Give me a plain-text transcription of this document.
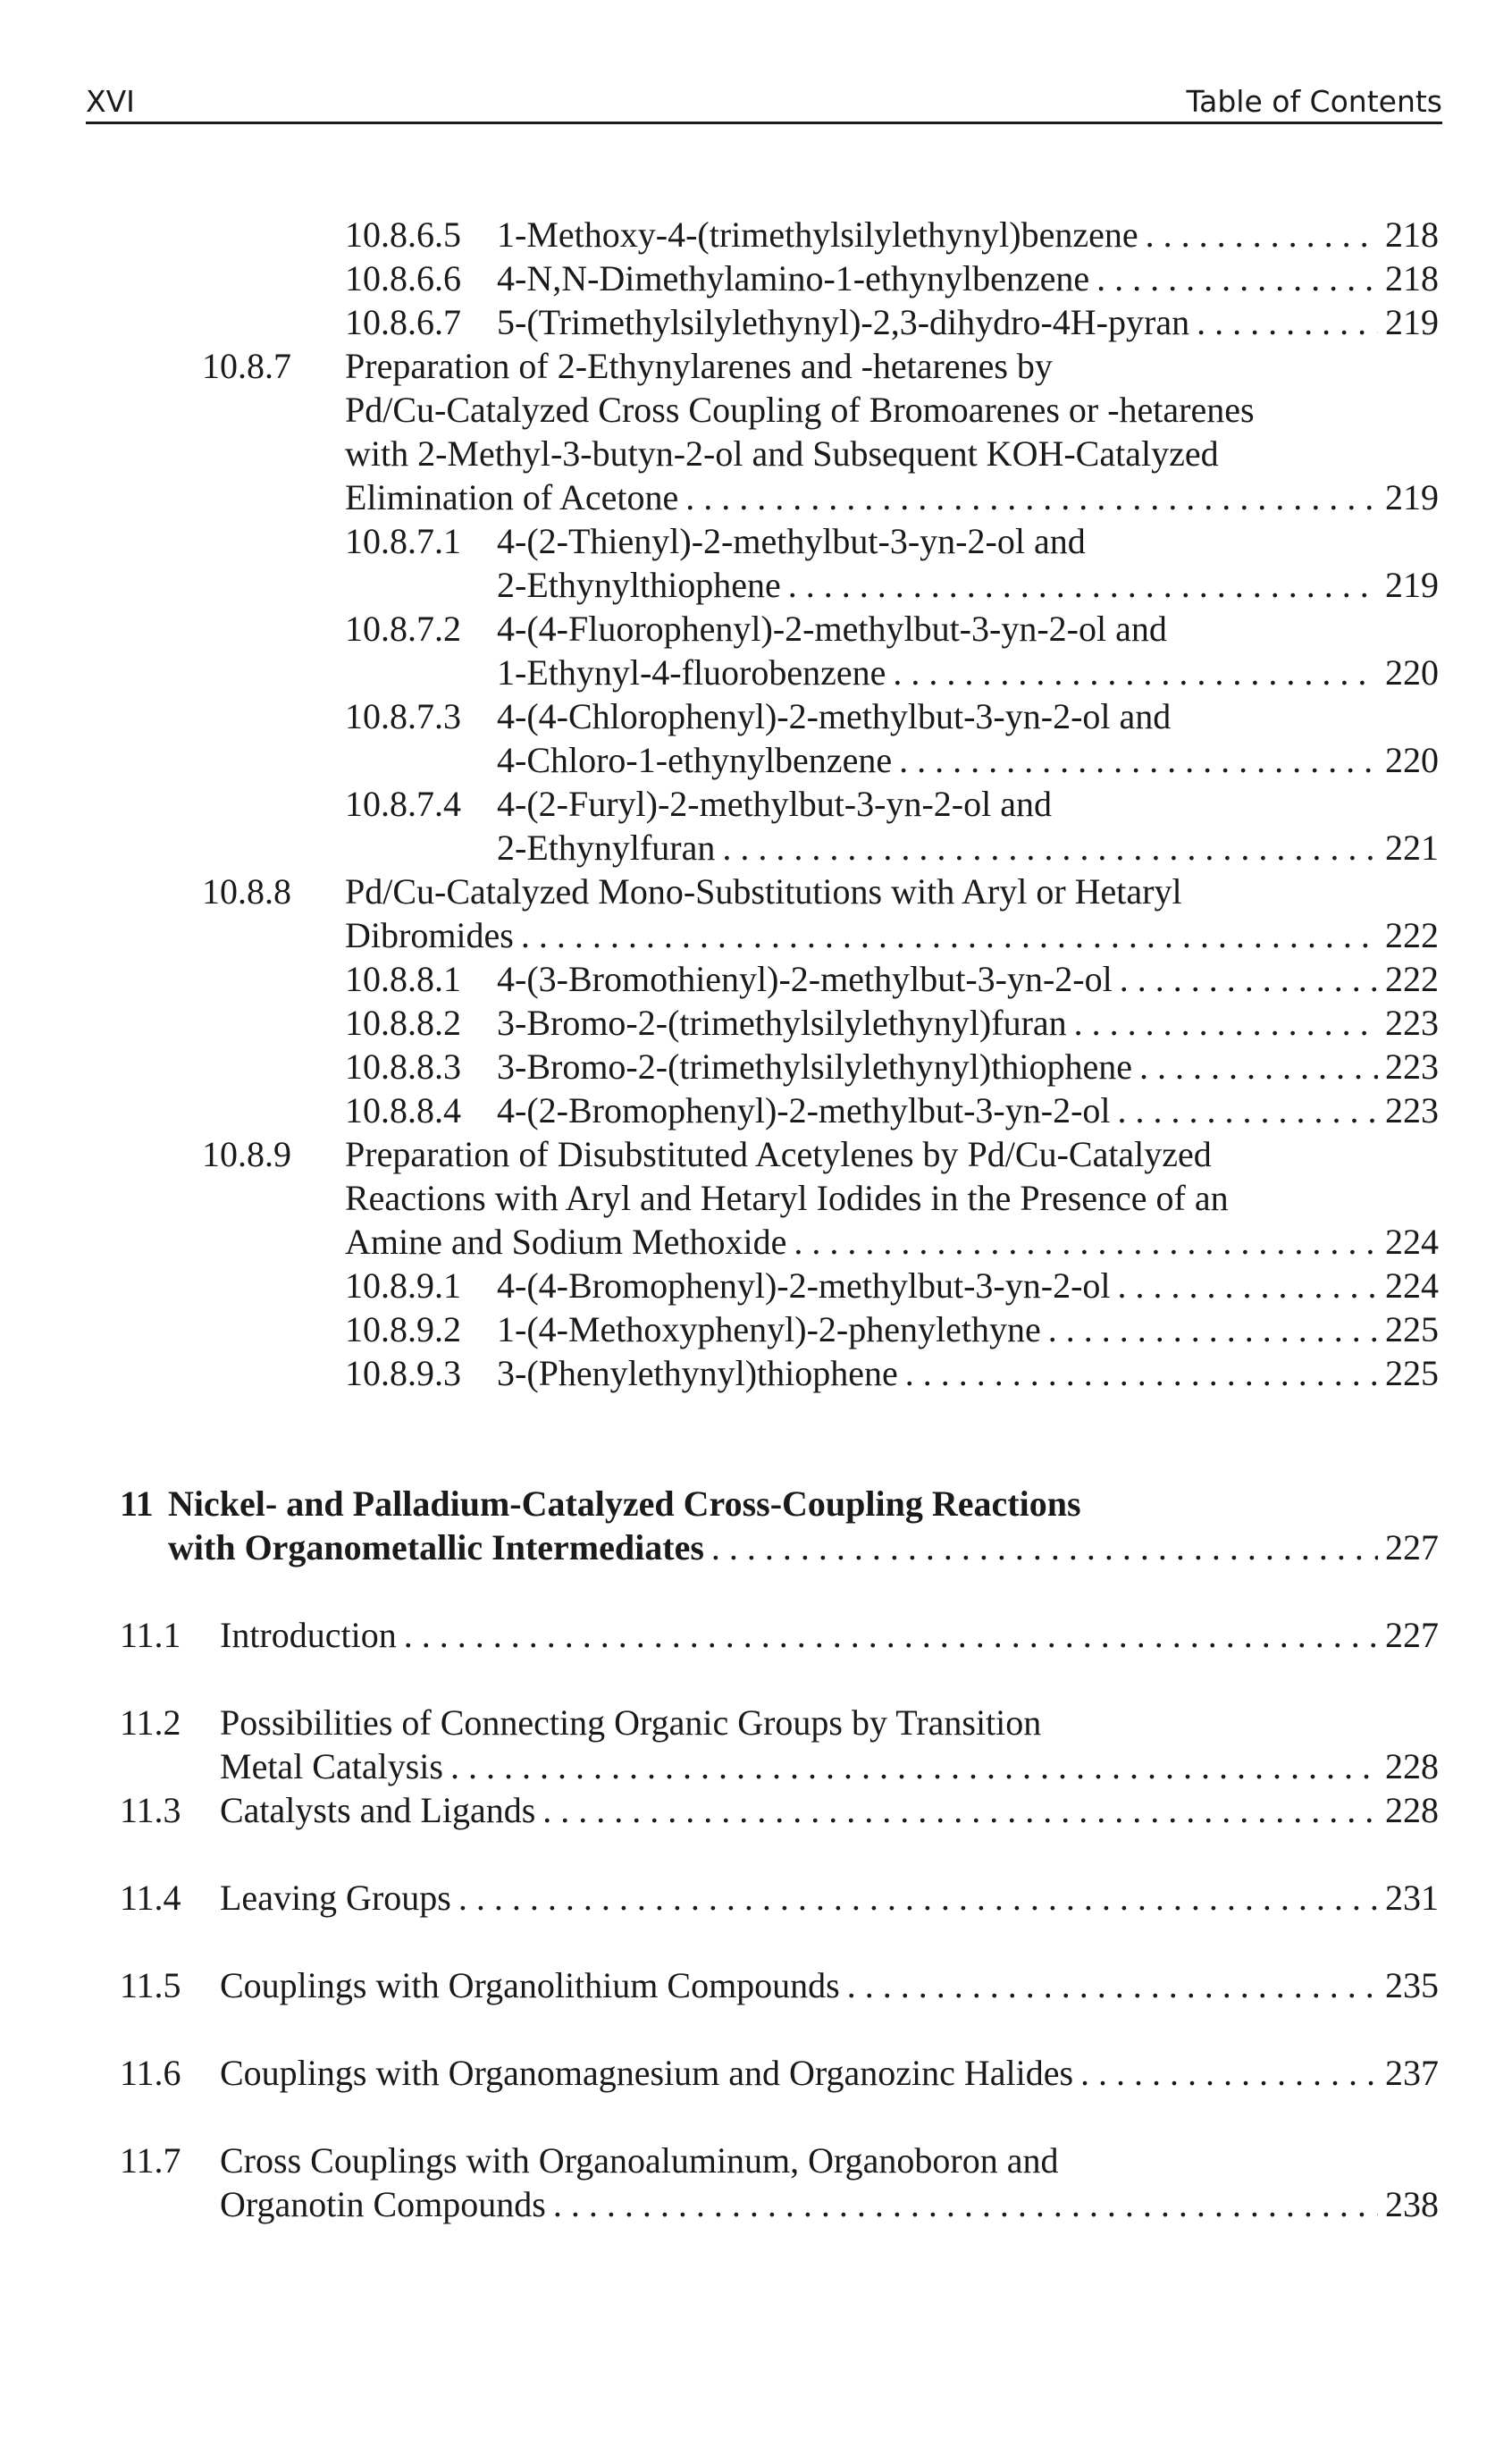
XVI	Table of Contents
10.8.6.5 1-Methoxy-4-(trimethylsilylethynyl)benzene . . .	218
10.8.6.6 4-N,N-Dimethylamino-1-ethynylbenzene . . .	218
10.8.6.7 5-(Trimethylsilylethynyl)-2,3-dihydro-4H-pyran . . .	219
10.8.7 Preparation of 2-Ethynylarenes and -hetarenes by
Pd/Cu-Catalyzed Cross Coupling of Bromoarenes or -hetarenes
with 2-Methyl-3-butyn-2-ol and Subsequent KOH-Catalyzed
Elimination of Acetone . . .	219
10.8.7.1 4-(2-Thienyl)-2-methylbut-3-yn-2-ol and
2-Ethynylthiophene . . .	219
10.8.7.2 4-(4-Fluorophenyl)-2-methylbut-3-yn-2-ol and
1-Ethynyl-4-fluorobenzene . . .	220
10.8.7.3 4-(4-Chlorophenyl)-2-methylbut-3-yn-2-ol and
4-Chloro-1-ethynylbenzene . . .	220
10.8.7.4 4-(2-Furyl)-2-methylbut-3-yn-2-ol and
2-Ethynylfuran . . .	221
10.8.8 Pd/Cu-Catalyzed Mono-Substitutions with Aryl or Hetaryl
Dibromides . . .	222
10.8.8.1 4-(3-Bromothienyl)-2-methylbut-3-yn-2-ol . . .	222
10.8.8.2 3-Bromo-2-(trimethylsilylethynyl)furan . . .	223
10.8.8.3 3-Bromo-2-(trimethylsilylethynyl)thiophene . . .	223
10.8.8.4 4-(2-Bromophenyl)-2-methylbut-3-yn-2-ol . . .	223
10.8.9 Preparation of Disubstituted Acetylenes by Pd/Cu-Catalyzed
Reactions with Aryl and Hetaryl Iodides in the Presence of an
Amine and Sodium Methoxide . . .	224
10.8.9.1 4-(4-Bromophenyl)-2-methylbut-3-yn-2-ol . . .	224
10.8.9.2 1-(4-Methoxyphenyl)-2-phenylethyne . . .	225
10.8.9.3 3-(Phenylethynyl)thiophene . . .	225
11 Nickel- and Palladium-Catalyzed Cross-Coupling Reactions
with Organometallic Intermediates . . .	227
11.1 Introduction . . .	227
11.2 Possibilities of Connecting Organic Groups by Transition
Metal Catalysis . . .	228
11.3 Catalysts and Ligands . . .	228
11.4 Leaving Groups . . .	231
11.5 Couplings with Organolithium Compounds . . .	235
11.6 Couplings with Organomagnesium and Organozinc Halides . . .	237
11.7 Cross Couplings with Organoaluminum, Organoboron and
Organotin Compounds . . .	238
